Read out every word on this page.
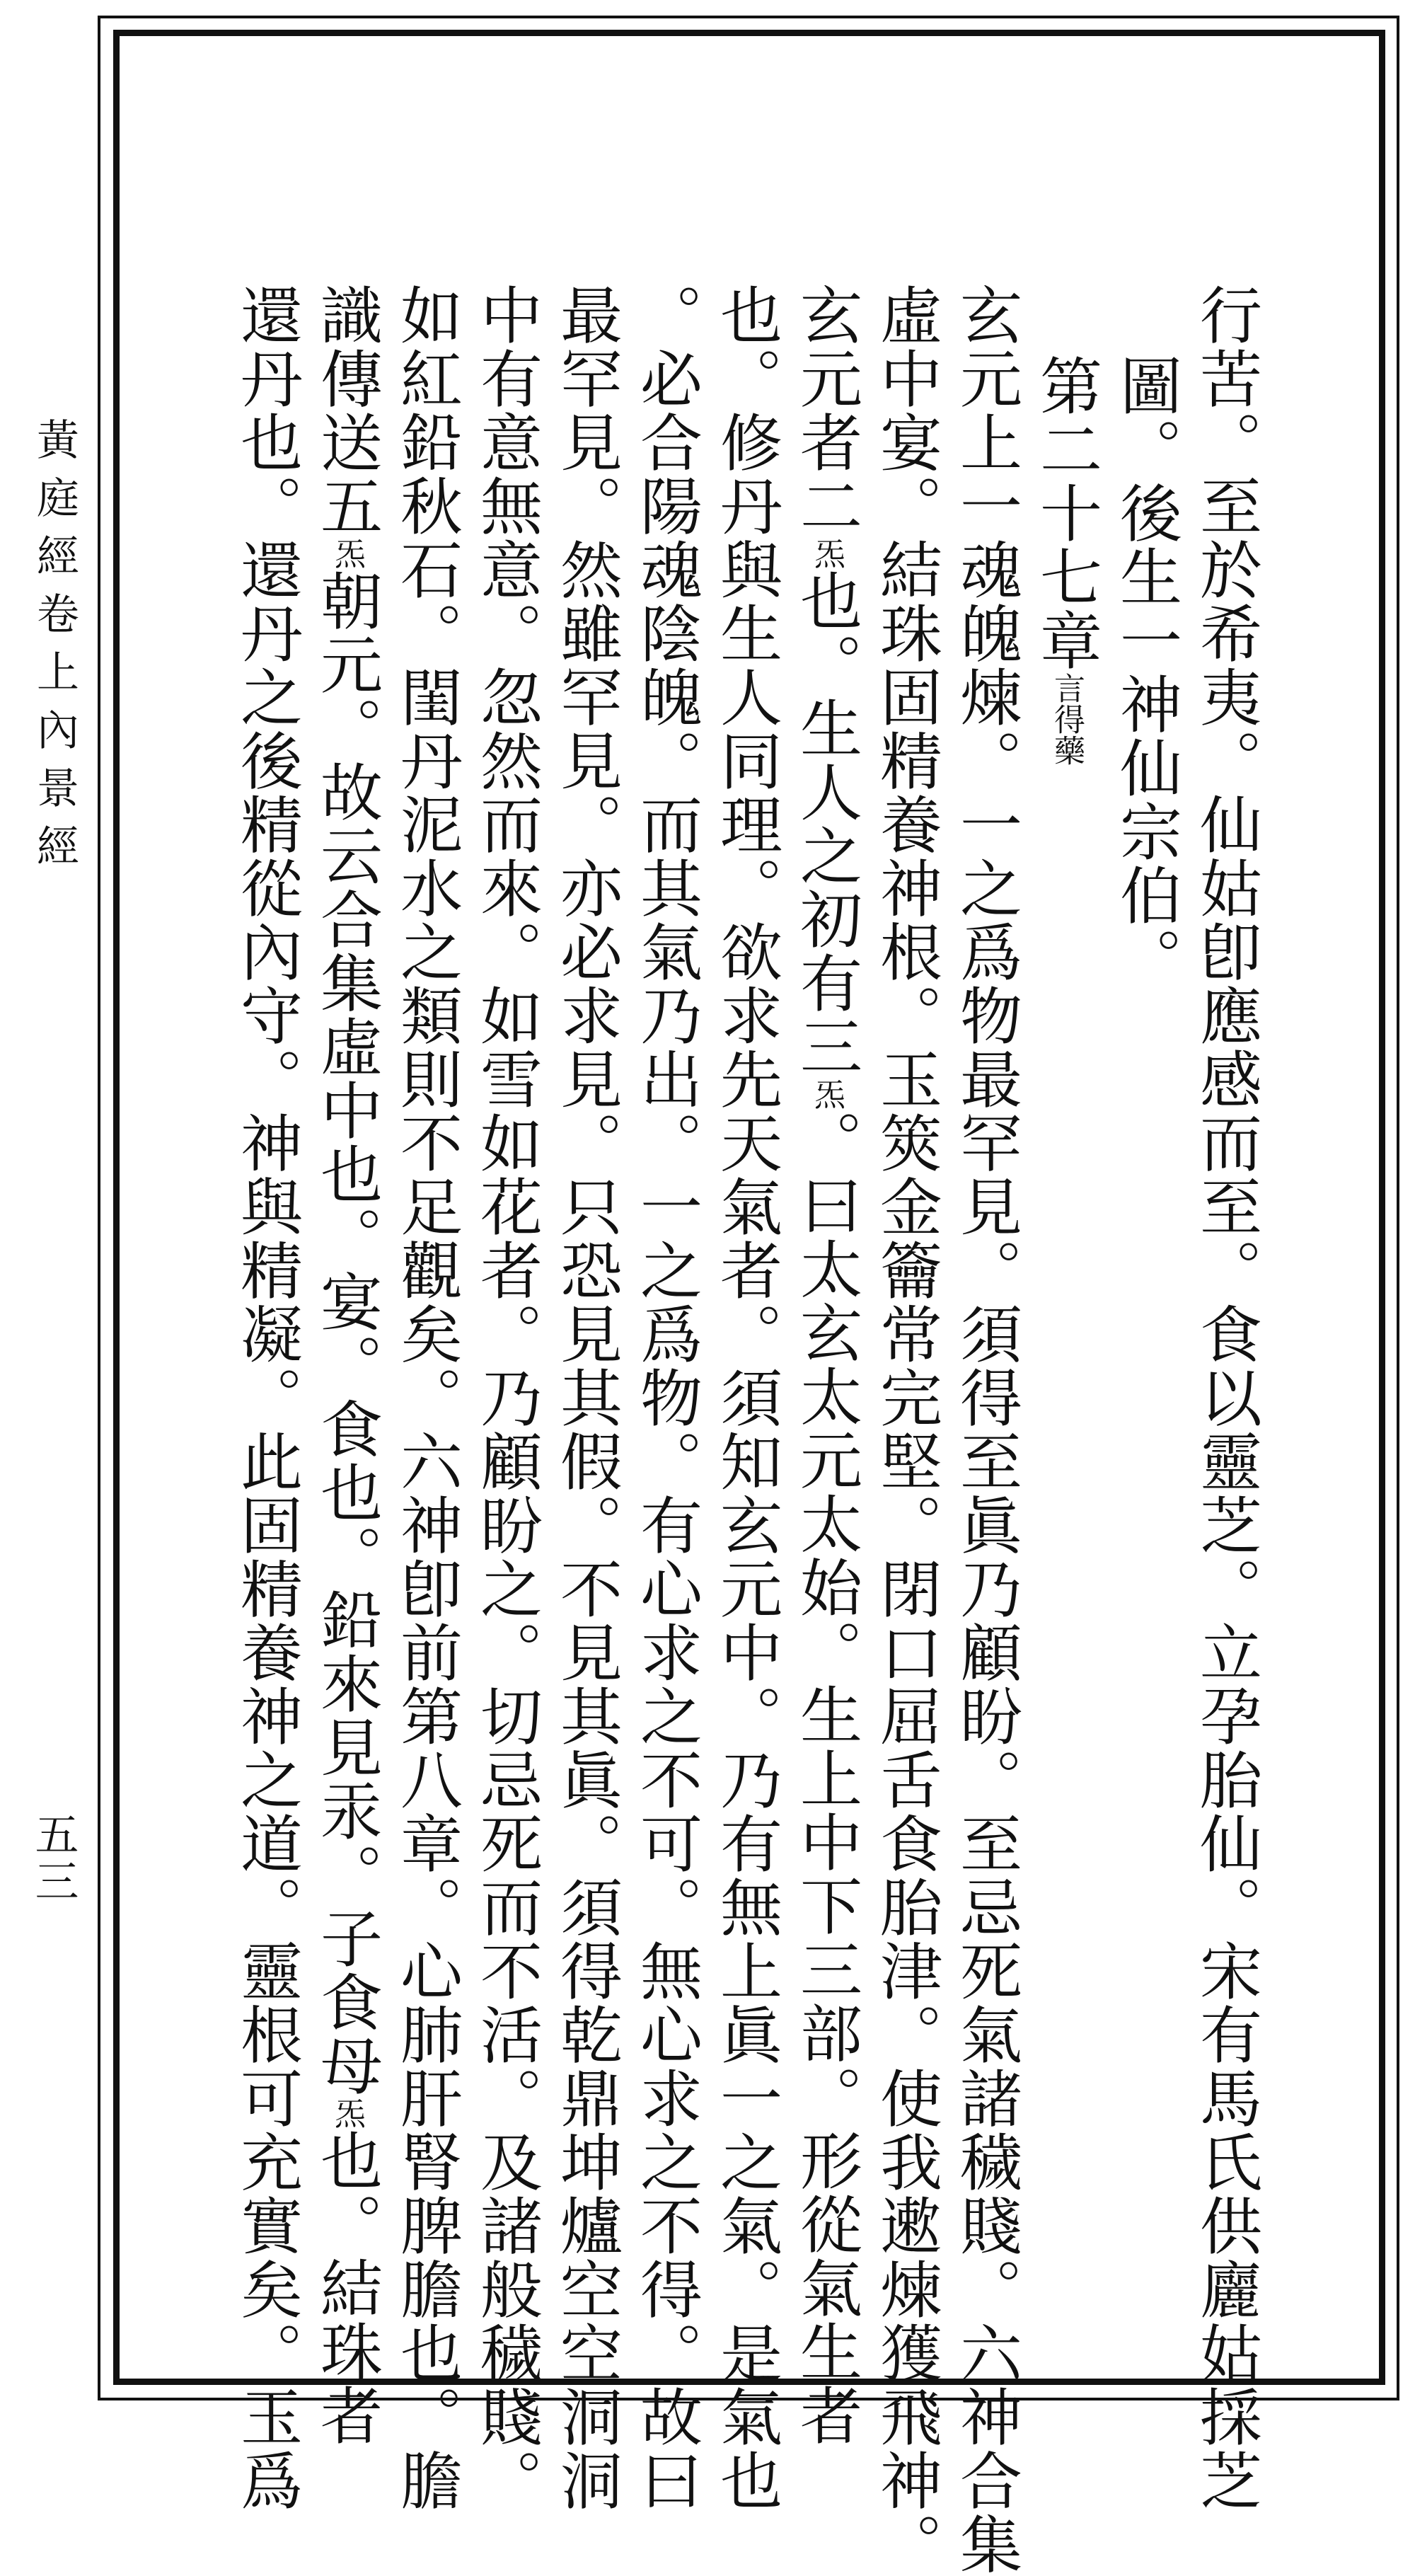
黃庭經卷上內景經
五三	行苦。至於希夷。仙姑卽應感而至。食以靈芝。立孕胎仙。宋有馬氏供廲姑採芝
圖。後生一神仙宗伯。
第二十七章言得藥
玄元上一魂魄煉。一之爲物最罕見。須得至眞乃顧盼。至忌死氣諸穢賤。六神合集
虛中宴。結珠固精養神根。玉筴金籥常完堅。閉口屈舌食胎津。使我遬煉獲飛神。
玄元者二炁也。生人之初有三炁。曰太玄太元太始。生上中下三部。形從氣生者
也。修丹與生人同理。欲求先天氣者。須知玄元中。乃有無上眞一之氣。是氣也
。必合陽魂陰魄。而其氣乃出。一之爲物。有心求之不可。無心求之不得。故曰
最罕見。然雖罕見。亦必求見。只恐見其假。不見其眞。須得乾鼎坤爐空空洞洞
中有意無意。忽然而來。如雪如花者。乃顧盼之。切忌死而不活。及諸般穢賤。
如紅鉛秋石。閨丹泥水之類則不足觀矣。六神卽前第八章。心肺肝腎脾膽也。膽
識傳送五炁朝元。故云合集虛中也。宴。食也。鉛來見汞。子食母炁也。結珠者
還丹也。還丹之後精從內守。神與精凝。此固精養神之道。靈根可充實矣。玉爲
